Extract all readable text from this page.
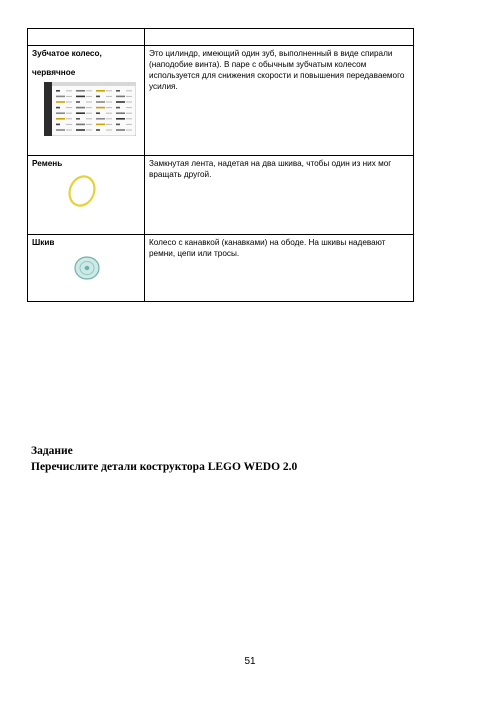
Зубчатое колесо,
червячное	Это цилиндр, имеющий один зуб, выполненный в виде спирали (наподобие винта). В паре с обычным зубчатым колесом используется для снижения скорости и повышения передаваемого усилия.

Ремень	Замкнутая лента, надетая на два шкива, чтобы один из них мог вращать другой.

Шкив	Колесо с канавкой (канавками) на ободе. На шкивы надевают ремни, цепи или тросы.
Задание
Перечислите детали коструктора LEGO WEDO 2.0
51
